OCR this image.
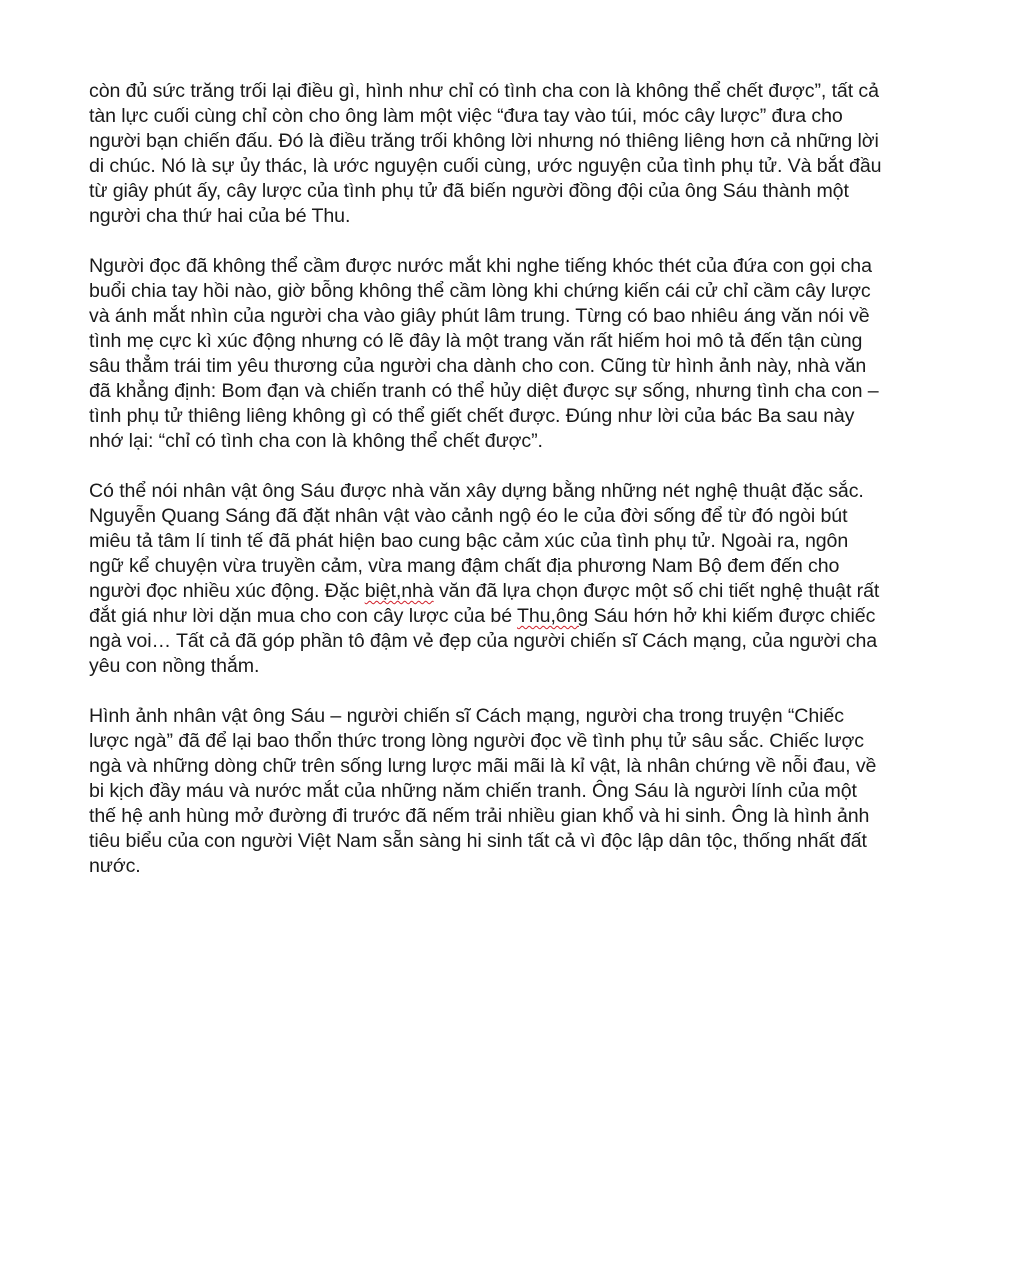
còn đủ sức trăng trối lại điều gì, hình như chỉ có tình cha con là không thể chết được”, tất cả
tàn lực cuối cùng chỉ còn cho ông làm một việc “đưa tay vào túi, móc cây lược” đưa cho
người bạn chiến đấu. Đó là điều trăng trối không lời nhưng nó thiêng liêng hơn cả những lời
di chúc. Nó là sự ủy thác, là ước nguyện cuối cùng, ước nguyện của tình phụ tử. Và bắt đầu
từ giây phút ấy, cây lược của tình phụ tử đã biến người đồng đội của ông Sáu thành một
người cha thứ hai của bé Thu.

Người đọc đã không thể cầm được nước mắt khi nghe tiếng khóc thét của đứa con gọi cha
buổi chia tay hồi nào, giờ bỗng không thể cầm lòng khi chứng kiến cái cử chỉ cầm cây lược
và ánh mắt nhìn của người cha vào giây phút lâm trung. Từng có bao nhiêu áng văn nói về
tình mẹ cực kì xúc động nhưng có lẽ đây là một trang văn rất hiếm hoi mô tả đến tận cùng
sâu thẳm trái tim yêu thương của người cha dành cho con. Cũng từ hình ảnh này, nhà văn
đã khẳng định: Bom đạn và chiến tranh có thể hủy diệt được sự sống, nhưng tình cha con –
tình phụ tử thiêng liêng không gì có thể giết chết được. Đúng như lời của bác Ba sau này
nhớ lại: “chỉ có tình cha con là không thể chết được”.

Có thể nói nhân vật ông Sáu được nhà văn xây dựng bằng những nét nghệ thuật đặc sắc.
Nguyễn Quang Sáng đã đặt nhân vật vào cảnh ngộ éo le của đời sống để từ đó ngòi bút
miêu tả tâm lí tinh tế đã phát hiện bao cung bậc cảm xúc của tình phụ tử. Ngoài ra, ngôn
ngữ kể chuyện vừa truyền cảm, vừa mang đậm chất địa phương Nam Bộ đem đến cho
người đọc nhiều xúc động. Đặc biệt,nhà văn đã lựa chọn được một số chi tiết nghệ thuật rất
đắt giá như lời dặn mua cho con cây lược của bé Thu,ông Sáu hớn hở khi kiếm được chiếc
ngà voi… Tất cả đã góp phần tô đậm vẻ đẹp của người chiến sĩ Cách mạng, của người cha
yêu con nồng thắm.

Hình ảnh nhân vật ông Sáu – người chiến sĩ Cách mạng, người cha trong truyện “Chiếc
lược ngà” đã để lại bao thổn thức trong lòng người đọc về tình phụ tử sâu sắc. Chiếc lược
ngà và những dòng chữ trên sống lưng lược mãi mãi là kỉ vật, là nhân chứng về nỗi đau, về
bi kịch đầy máu và nước mắt của những năm chiến tranh. Ông Sáu là người lính của một
thế hệ anh hùng mở đường đi trước đã nếm trải nhiều gian khổ và hi sinh. Ông là hình ảnh
tiêu biểu của con người Việt Nam sẵn sàng hi sinh tất cả vì độc lập dân tộc, thống nhất đất
nước.
